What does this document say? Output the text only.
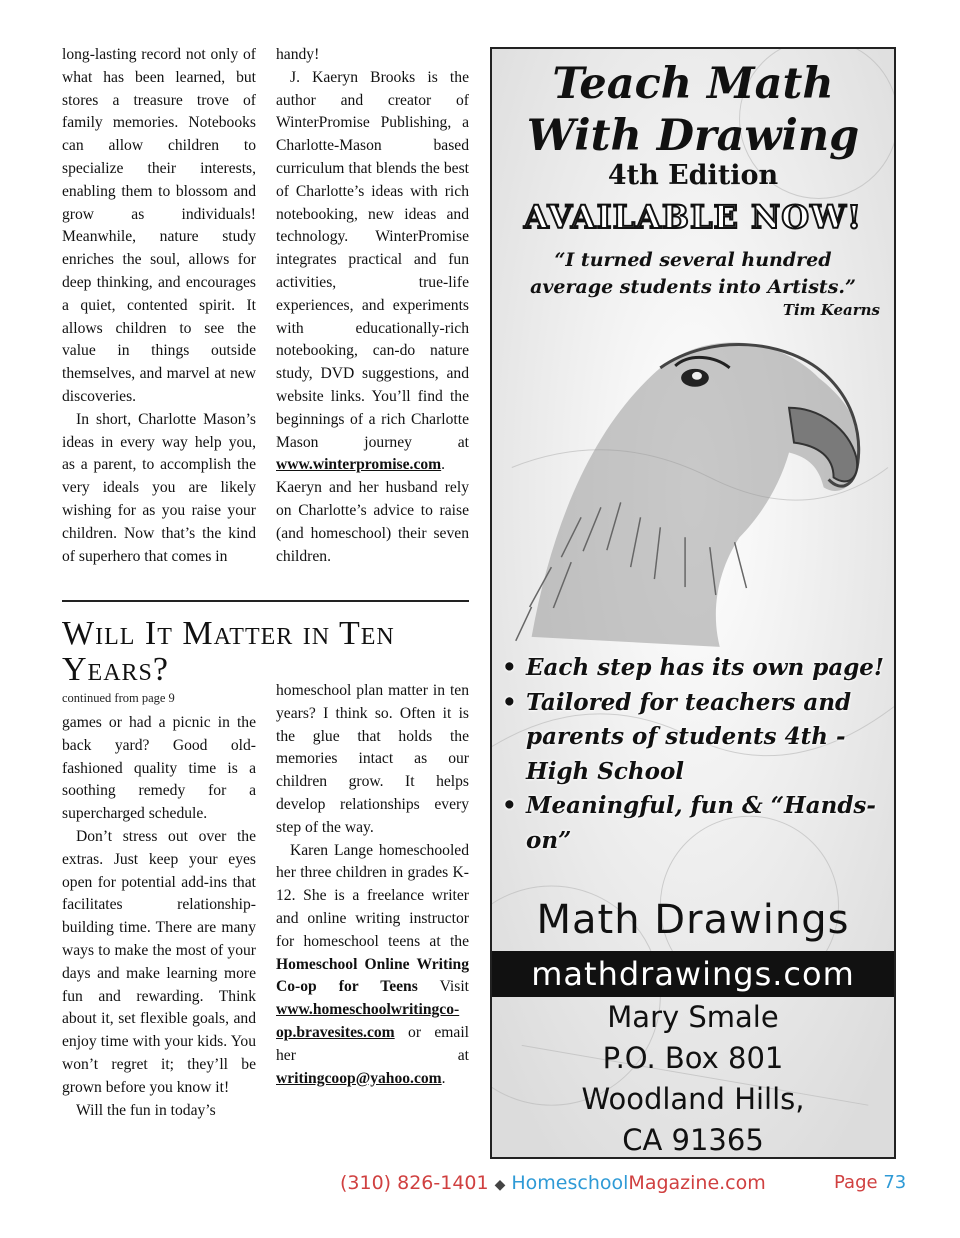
long-lasting record not only of what has been learned, but stores a treasure trove of family memories. Notebooks can allow children to specialize their interests, enabling them to blossom and grow as individuals! Meanwhile, nature study enriches the soul, allows for deep thinking, and encourages a quiet, contented spirit. It allows children to see the value in things outside themselves, and marvel at new discoveries.

In short, Charlotte Mason’s ideas in every way help you, as a parent, to accomplish the very ideals you are likely wishing for as you raise your children. Now that’s the kind of superhero that comes in

handy!

J. Kaeryn Brooks is the author and creator of WinterPromise Publishing, a Charlotte-Mason based curriculum that blends the best of Charlotte’s ideas with rich notebooking, new ideas and technology. WinterPromise integrates practical and fun activities, true-life experiences, and experiments with educationally-rich notebooking, can-do nature study, DVD suggestions, and website links. You’ll find the beginnings of a rich Charlotte Mason journey at www.winterpromise.com. Kaeryn and her husband rely on Charlotte’s advice to raise (and homeschool) their seven children.

Will It Matter in Ten Years?
continued from page 9

games or had a picnic in the back yard? Good old-fashioned quality time is a soothing remedy for a supercharged schedule.

Don’t stress out over the extras. Just keep your eyes open for potential add-ins that facilitates relationship-building time. There are many ways to make the most of your days and make learning more fun and rewarding. Think about it, set flexible goals, and enjoy time with your kids. You won’t regret it; they’ll be grown before you know it!

Will the fun in today’s

homeschool plan matter in ten years? I think so. Often it is the glue that holds the memories intact as our children grow. It helps develop relationships every step of the way.

Karen Lange homeschooled her three children in grades K-12. She is a freelance writer and online writing instructor for homeschool teens at the Homeschool Online Writing Co-op for Teens Visit www.homeschoolwritingco-op.bravesites.com or email her at writingcoop@yahoo.com.

Teach Math
With Drawing
4th Edition
AVAILABLE NOW!
“I turned several hundred
average students into Artists.”
Tim Kearns
• Each step has its own page!
• Tailored for teachers and parents of students 4th - High School
• Meaningful, fun & “Hands-on”
Math Drawings
mathdrawings.com
Mary Smale
P.O. Box 801
Woodland Hills,
CA 91365
(310) 826-1401 ◆ HomeschoolMagazine.com	Page 73
